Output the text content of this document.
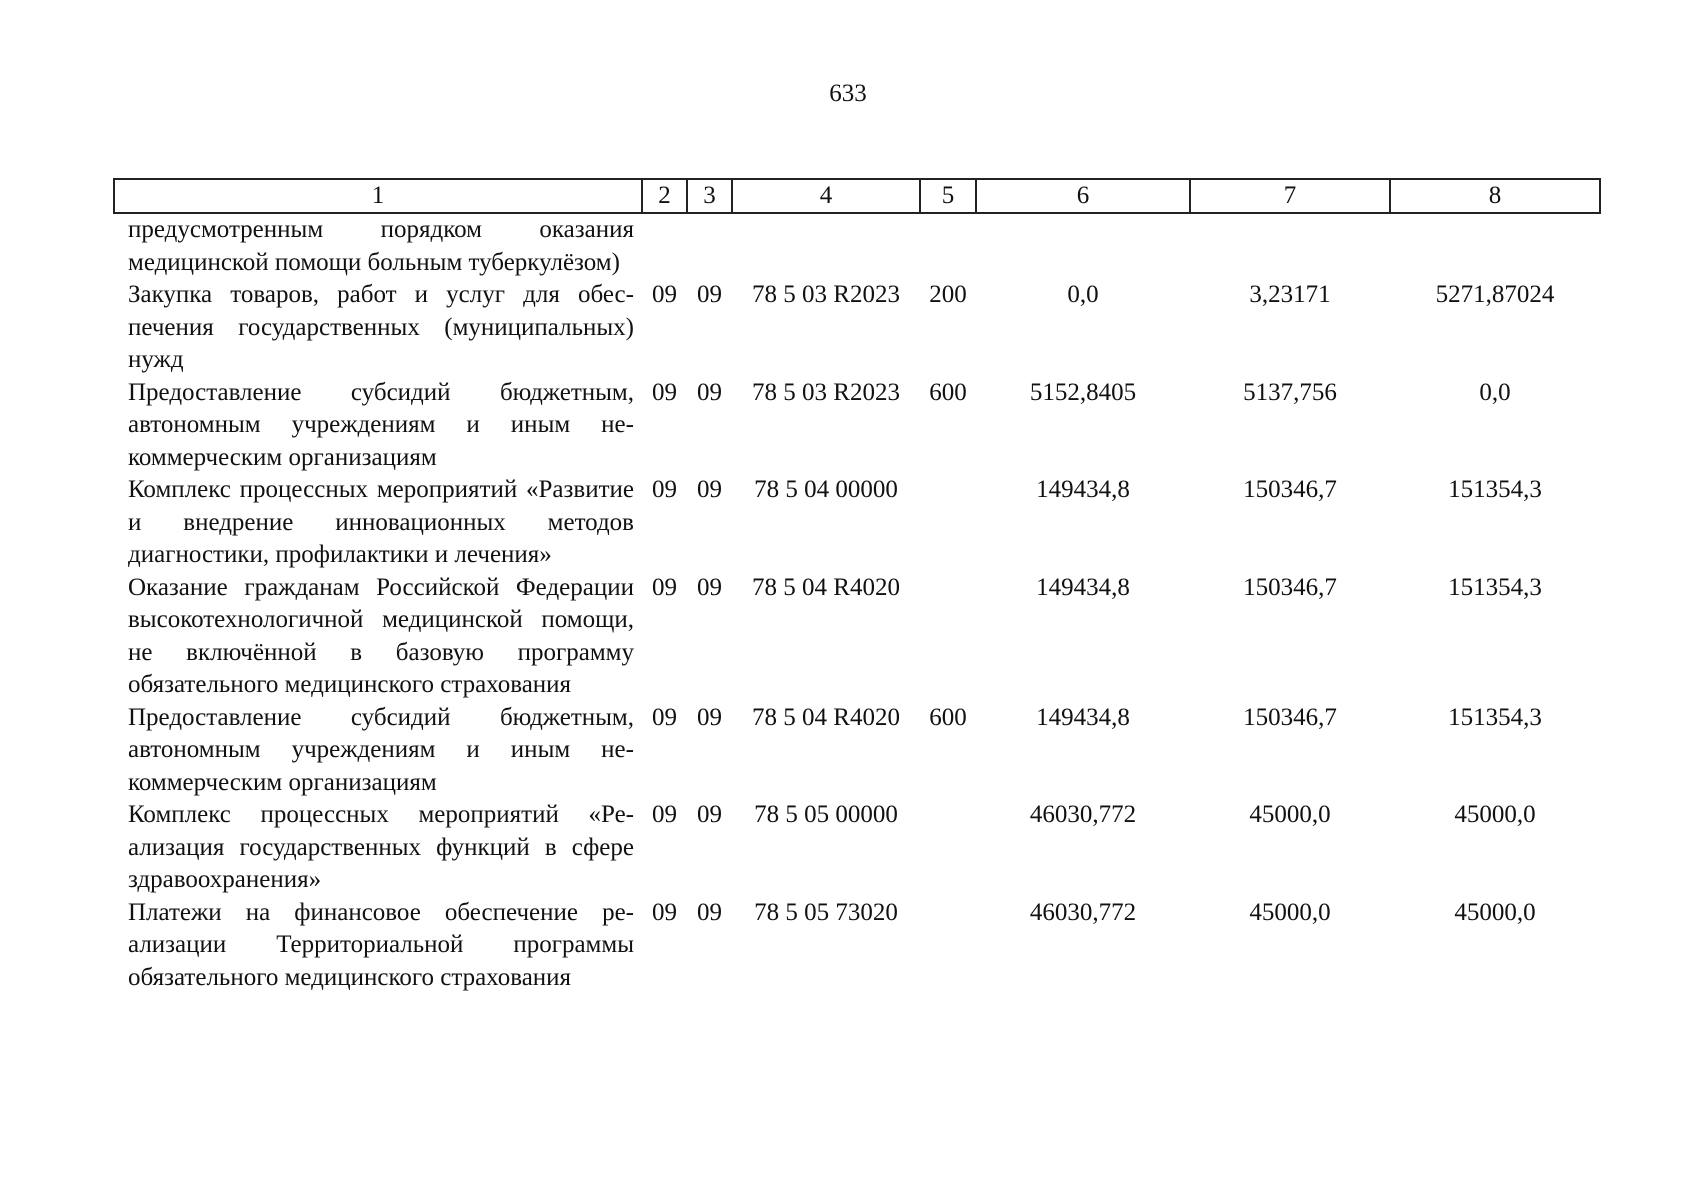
633
1	2	3	4	5	6	7	8
предусмотренным порядком оказания медицинской помощи больным туберкулёзом)							
Закупка товаров, работ и услуг для обеспечения государственных (муниципальных) нужд	09	09	78 5 03 R2023	200	0,0	3,23171	5271,87024
Предоставление субсидий бюджетным, автономным учреждениям и иным некоммерческим организациям	09	09	78 5 03 R2023	600	5152,8405	5137,756	0,0
Комплекс процессных мероприятий «Развитие и внедрение инновационных методов диагностики, профилактики и лечения»	09	09	78 5 04 00000		149434,8	150346,7	151354,3
Оказание гражданам Российской Федерации высокотехнологичной медицинской помощи, не включённой в базовую программу обязательного медицинского страхования	09	09	78 5 04 R4020		149434,8	150346,7	151354,3
Предоставление субсидий бюджетным, автономным учреждениям и иным некоммерческим организациям	09	09	78 5 04 R4020	600	149434,8	150346,7	151354,3
Комплекс процессных мероприятий «Реализация государственных функций в сфере здравоохранения»	09	09	78 5 05 00000		46030,772	45000,0	45000,0
Платежи на финансовое обеспечение реализации Территориальной программы обязательного медицинского страхования	09	09	78 5 05 73020		46030,772	45000,0	45000,0
